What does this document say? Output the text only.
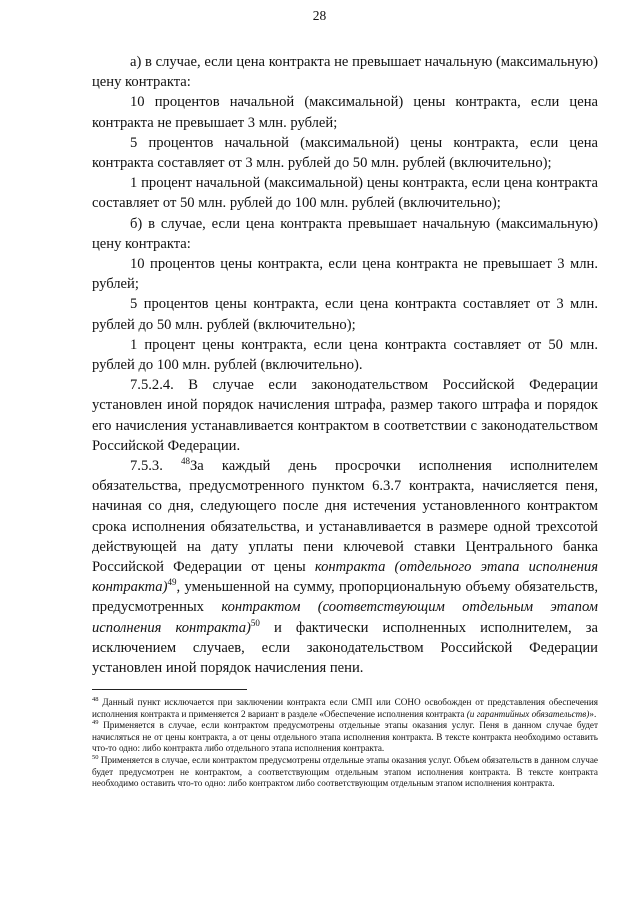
28

а) в случае, если цена контракта не превышает начальную (максимальную) цену контракта:

10 процентов начальной (максимальной) цены контракта, если цена контракта не превышает 3 млн. рублей;

5 процентов начальной (максимальной) цены контракта, если цена контракта составляет от 3 млн. рублей до 50 млн. рублей (включительно);

1 процент начальной (максимальной) цены контракта, если цена контракта составляет от 50 млн. рублей до 100 млн. рублей (включительно);

б) в случае, если цена контракта превышает начальную (максимальную) цену контракта:

10 процентов цены контракта, если цена контракта не превышает 3 млн. рублей;

5 процентов цены контракта, если цена контракта составляет от 3 млн. рублей до 50 млн. рублей (включительно);

1 процент цены контракта, если цена контракта составляет от 50 млн. рублей до 100 млн. рублей (включительно).

7.5.2.4. В случае если законодательством Российской Федерации установлен иной порядок начисления штрафа, размер такого штрафа и порядок его начисления устанавливается контрактом в соответствии с законодательством Российской Федерации.

7.5.3. $^{48}$За каждый день просрочки исполнения исполнителем обязательства, предусмотренного пунктом 6.3.7 контракта, начисляется пеня, начиная со дня, следующего после дня истечения установленного контрактом срока исполнения обязательства, и устанавливается в размере одной трехсотой действующей на дату уплаты пени ключевой ставки Центрального банка Российской Федерации от цены контракта (отдельного этапа исполнения контракта)$^{49}$, уменьшенной на сумму, пропорциональную объему обязательств, предусмотренных контрактом (соответствующим отдельным этапом исполнения контракта)$^{50}$ и фактически исполненных исполнителем, за исключением случаев, если законодательством Российской Федерации установлен иной порядок начисления пени.

$^{48}$ Данный пункт исключается при заключении контракта если СМП или СОНО освобожден от представления обеспечения исполнения контракта и применяется 2 вариант в разделе «Обеспечение исполнения контракта (и гарантийных обязательств)».

$^{49}$ Применяется в случае, если контрактом предусмотрены отдельные этапы оказания услуг. Пеня в данном случае будет начисляться не от цены контракта, а от цены отдельного этапа исполнения контракта. В тексте контракта необходимо оставить что-то одно: либо контракта либо отдельного этапа исполнения контракта.

$^{50}$ Применяется в случае, если контрактом предусмотрены отдельные этапы оказания услуг. Объем обязательств в данном случае будет предусмотрен не контрактом, а соответствующим отдельным этапом исполнения контракта. В тексте контракта необходимо оставить что-то одно: либо контрактом либо соответствующим отдельным этапом исполнения контракта.
